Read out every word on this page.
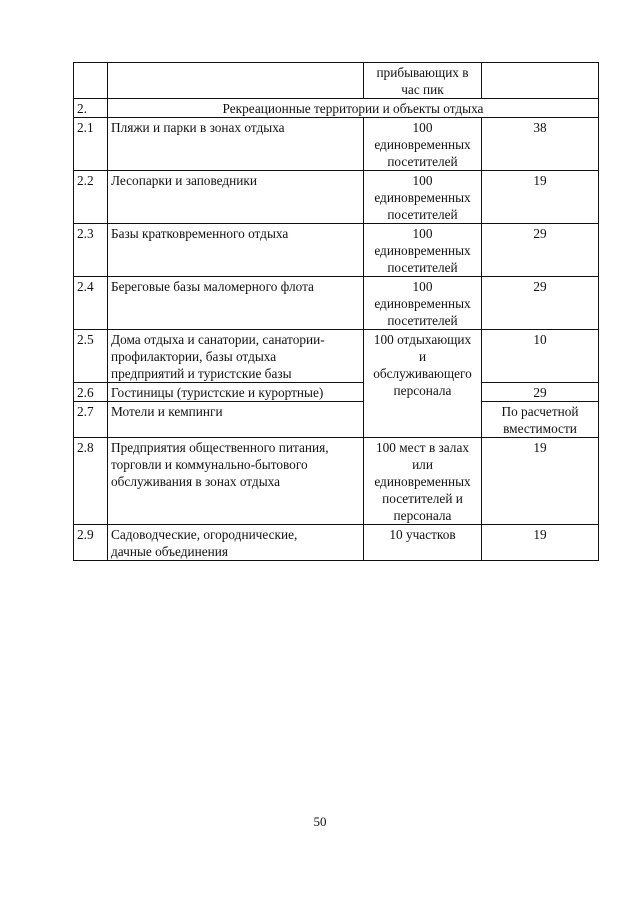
		прибывающих в
час пик	

2.	Рекреационные территории и объекты отдыха		
2.1	Пляжи и парки в зонах отдыха	100
единовременных
посетителей	38
2.2	Лесопарки и заповедники	100
единовременных
посетителей	19
2.3	Базы кратковременного отдыха	100
единовременных
посетителей	29
2.4	Береговые базы маломерного флота	100
единовременных
посетителей	29
2.5	Дома отдыха и санатории, санатории-
профилактории, базы отдыха
предприятий и туристские базы	100 отдыхающих
и
обслуживающего
персонала	10
2.6	Гостиницы (туристские и курортные)		29
2.7	Мотели и кемпинги		По расчетной
вместимости

2.8	Предприятия общественного питания,
торговли и коммунально-бытового
обслуживания в зонах отдыха	100 мест в залах
или
единовременных
посетителей и
персонала	19
2.9	Садоводческие, огороднические,
дачные объединения	10 участков	19
50
